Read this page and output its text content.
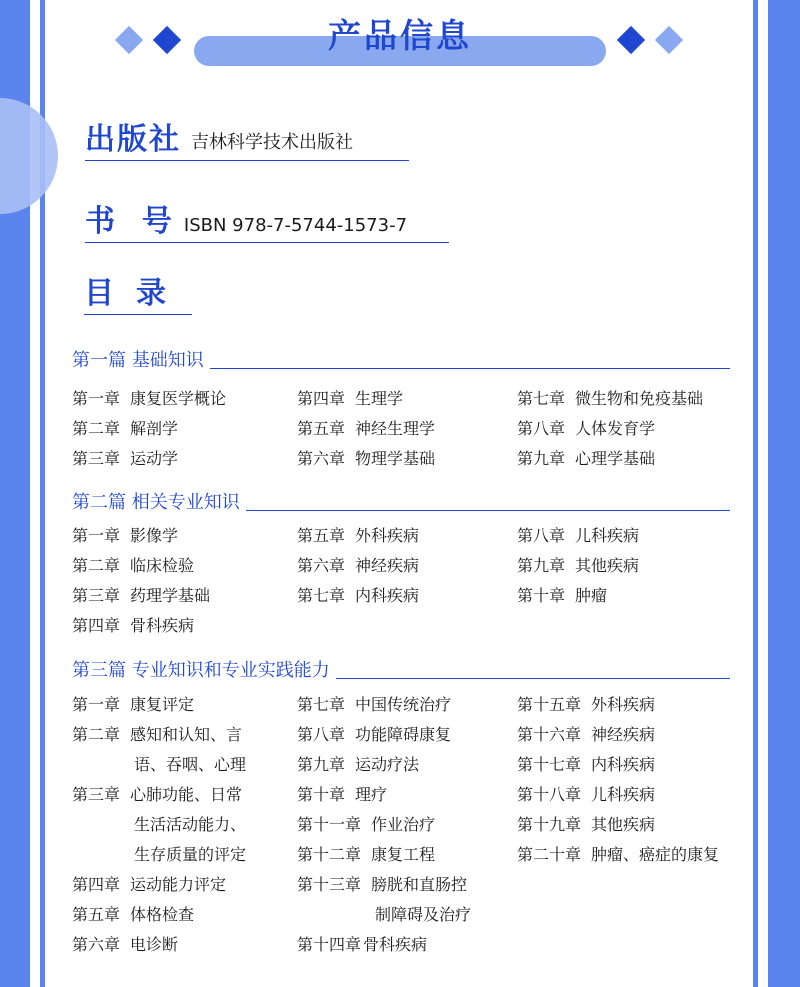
产品信息
出版社 吉林科学技术出版社
书  号 ISBN 978-7-5744-1573-7
目录
第一篇 基础知识
第一章 康复医学概论
第二章 解剖学
第三章 运动学
第四章 生理学
第五章 神经生理学
第六章 物理学基础
第七章 微生物和免疫基础
第八章 人体发育学
第九章 心理学基础
第二篇 相关专业知识
第一章 影像学
第二章 临床检验
第三章 药理学基础
第四章 骨科疾病
第五章 外科疾病
第六章 神经疾病
第七章 内科疾病
第八章 儿科疾病
第九章 其他疾病
第十章 肿瘤
第三篇 专业知识和专业实践能力
第一章 康复评定
第二章 感知和认知、言
语、吞咽、心理
第三章 心肺功能、日常
生活活动能力、
生存质量的评定
第四章 运动能力评定
第五章 体格检查
第六章 电诊断
第七章 中国传统治疗
第八章 功能障碍康复
第九章 运动疗法
第十章 理疗
第十一章 作业治疗
第十二章 康复工程
第十三章 膀胱和直肠控
制障碍及治疗
第十四章 骨科疾病
第十五章 外科疾病
第十六章 神经疾病
第十七章 内科疾病
第十八章 儿科疾病
第十九章 其他疾病
第二十章 肿瘤、癌症的康复
